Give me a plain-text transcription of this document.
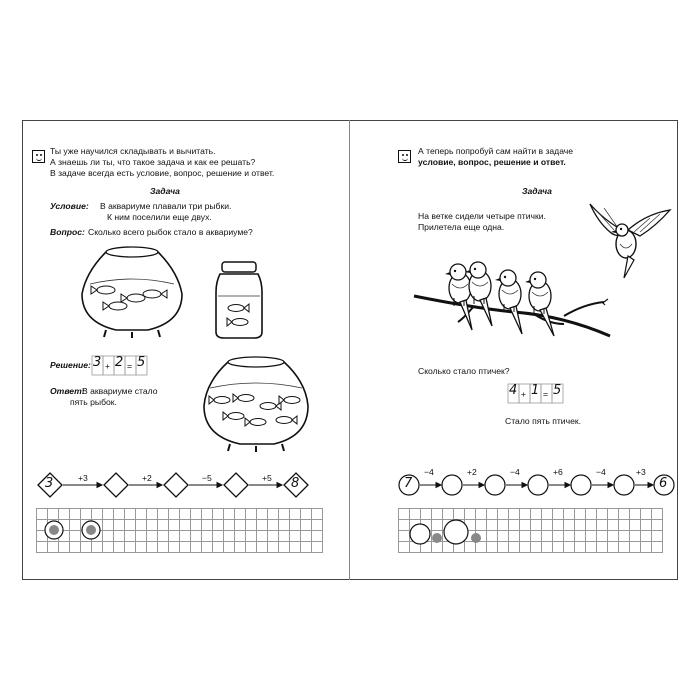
Ты уже научился складывать и вычитать.
А знаешь ли ты, что такое задача и как ее решать?
В задаче всегда есть условие, вопрос, решение и ответ.
Задача
Условие: В аквариуме плавали три рыбки.
К ним поселили еще двух.
Вопрос: Сколько всего рыбок стало в аквариуме?
Решение: 3 + 2 = 5
Ответ:
В аквариуме стало
пять рыбок.
3	+3	+2	−5	+5 8
А теперь попробуй сам найти в задаче
условие, вопрос, решение и ответ.
Задача
На ветке сидели четыре птички.
Прилетела еще одна.
Сколько стало птичек?
4 + 1 = 5
Стало пять птичек.
7
−4	+2	−4	+6	−4	+3
6
